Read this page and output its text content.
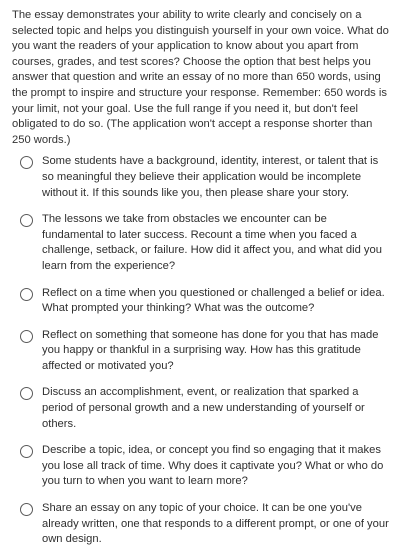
The essay demonstrates your ability to write clearly and concisely on a selected topic and helps you distinguish yourself in your own voice. What do you want the readers of your application to know about you apart from courses, grades, and test scores? Choose the option that best helps you answer that question and write an essay of no more than 650 words, using the prompt to inspire and structure your response. Remember: 650 words is your limit, not your goal. Use the full range if you need it, but don't feel obligated to do so. (The application won't accept a response shorter than 250 words.)

Some students have a background, identity, interest, or talent that is so meaningful they believe their application would be incomplete without it. If this sounds like you, then please share your story.
The lessons we take from obstacles we encounter can be fundamental to later success. Recount a time when you faced a challenge, setback, or failure. How did it affect you, and what did you learn from the experience?
Reflect on a time when you questioned or challenged a belief or idea. What prompted your thinking? What was the outcome?
Reflect on something that someone has done for you that has made you happy or thankful in a surprising way. How has this gratitude affected or motivated you?
Discuss an accomplishment, event, or realization that sparked a period of personal growth and a new understanding of yourself or others.
Describe a topic, idea, or concept you find so engaging that it makes you lose all track of time. Why does it captivate you? What or who do you turn to when you want to learn more?
Share an essay on any topic of your choice. It can be one you've already written, one that responds to a different prompt, or one of your own design.
